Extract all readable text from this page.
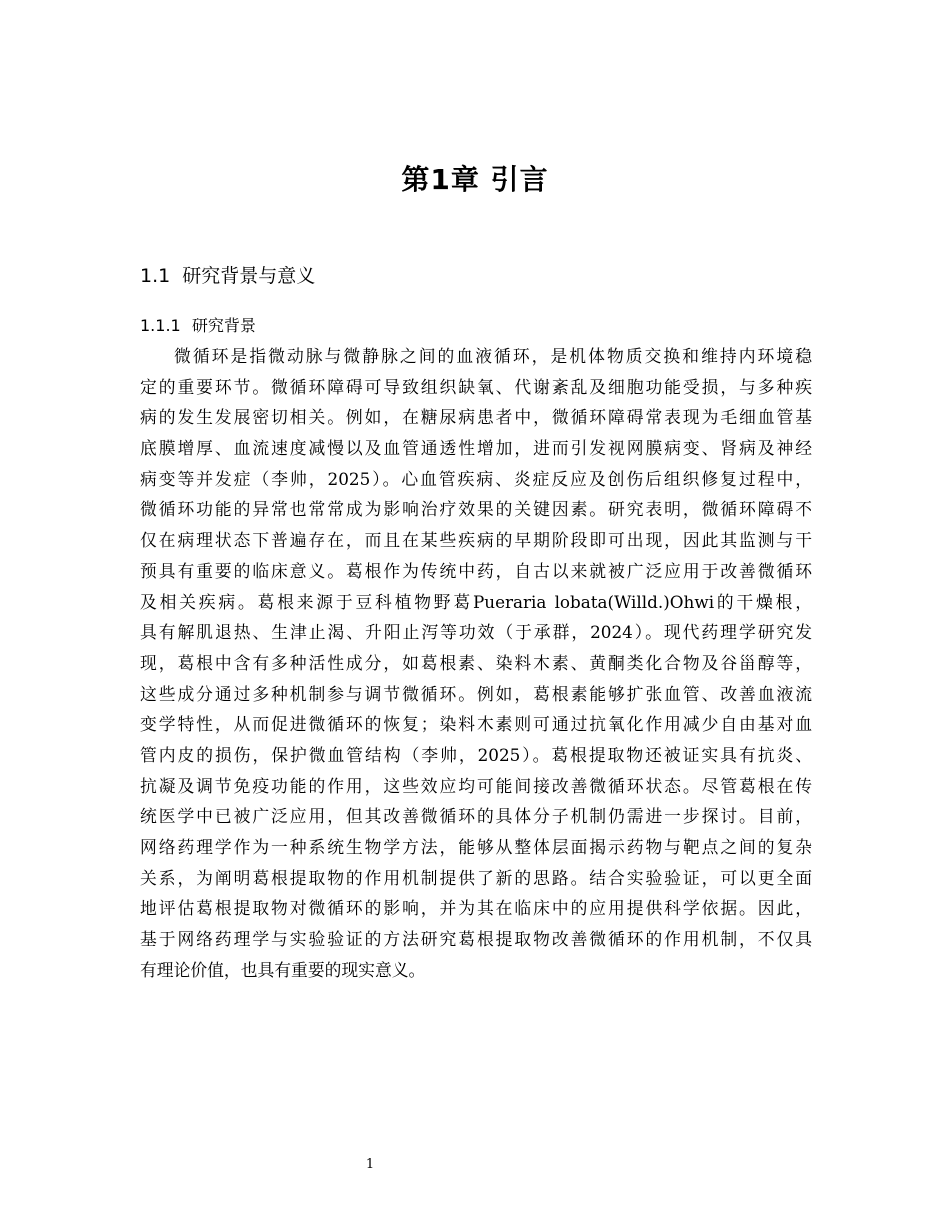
第1章 引言
1.1 研究背景与意义
1.1.1 研究背景
微循环是指微动脉与微静脉之间的血液循环，是机体物质交换和维持内环境稳
定的重要环节。微循环障碍可导致组织缺氧、代谢紊乱及细胞功能受损，与多种疾
病的发生发展密切相关。例如，在糖尿病患者中，微循环障碍常表现为毛细血管基
底膜增厚、血流速度减慢以及血管通透性增加，进而引发视网膜病变、肾病及神经
病变等并发症（李帅，2025）。心血管疾病、炎症反应及创伤后组织修复过程中，
微循环功能的异常也常常成为影响治疗效果的关键因素。研究表明，微循环障碍不
仅在病理状态下普遍存在，而且在某些疾病的早期阶段即可出现，因此其监测与干
预具有重要的临床意义。葛根作为传统中药，自古以来就被广泛应用于改善微循环
及相关疾病。葛根来源于豆科植物野葛Pueraria lobata(Willd.)Ohwi的干燥根，
具有解肌退热、生津止渴、升阳止泻等功效（于承群，2024）。现代药理学研究发
现，葛根中含有多种活性成分，如葛根素、染料木素、黄酮类化合物及谷甾醇等，
这些成分通过多种机制参与调节微循环。例如，葛根素能够扩张血管、改善血液流
变学特性，从而促进微循环的恢复；染料木素则可通过抗氧化作用减少自由基对血
管内皮的损伤，保护微血管结构（李帅，2025）。葛根提取物还被证实具有抗炎、
抗凝及调节免疫功能的作用，这些效应均可能间接改善微循环状态。尽管葛根在传
统医学中已被广泛应用，但其改善微循环的具体分子机制仍需进一步探讨。目前，
网络药理学作为一种系统生物学方法，能够从整体层面揭示药物与靶点之间的复杂
关系，为阐明葛根提取物的作用机制提供了新的思路。结合实验验证，可以更全面
地评估葛根提取物对微循环的影响，并为其在临床中的应用提供科学依据。因此，
基于网络药理学与实验验证的方法研究葛根提取物改善微循环的作用机制，不仅具
有理论价值，也具有重要的现实意义。
1
